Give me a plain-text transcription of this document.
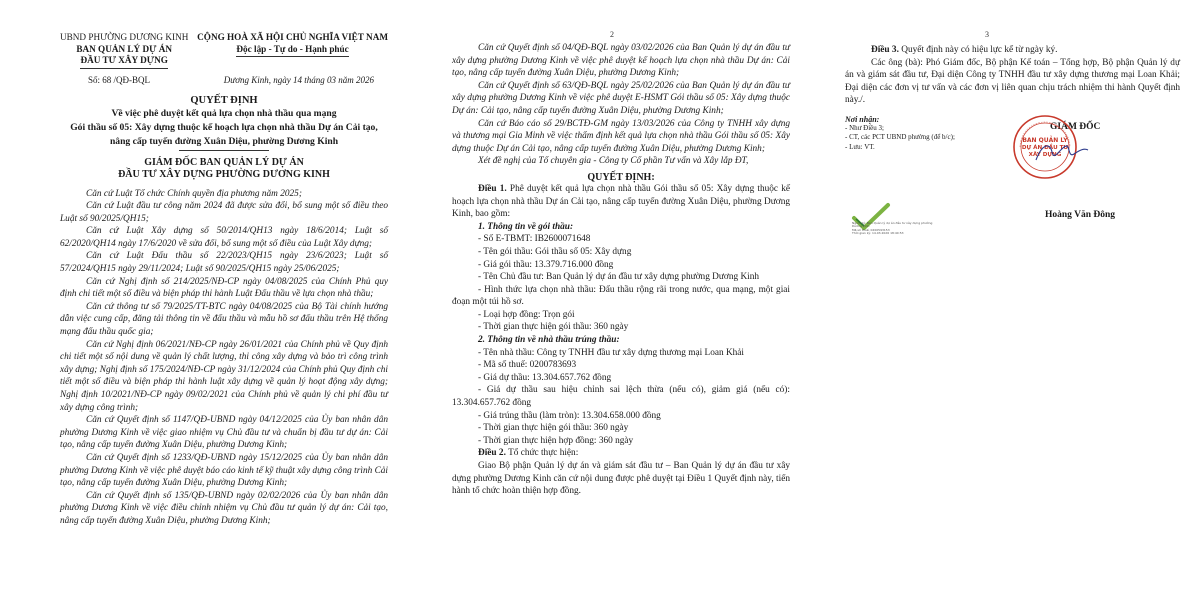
UBND PHƯỜNG DƯƠNG KINH
BAN QUẢN LÝ DỰ ÁN
ĐẦU TƯ XÂY DỰNG
CỘNG HOÀ XÃ HỘI CHỦ NGHĨA VIỆT NAM
Độc lập - Tự do - Hạnh phúc
Số: 68 /QĐ-BQL	Dương Kinh, ngày 14 tháng 03 năm 2026
QUYẾT ĐỊNH
Về việc phê duyệt kết quả lựa chọn nhà thầu qua mạng
Gói thầu số 05: Xây dựng thuộc kế hoạch lựa chọn nhà thầu Dự án Cải tạo,
nâng cấp tuyến đường Xuân Diệu, phường Dương Kinh
GIÁM ĐỐC BAN QUẢN LÝ DỰ ÁN
ĐẦU TƯ XÂY DỰNG PHƯỜNG DƯƠNG KINH

Căn cứ Luật Tổ chức Chính quyền địa phương năm 2025;

Căn cứ Luật đầu tư công năm 2024 đã được sửa đổi, bổ sung một số điều theo Luật số 90/2025/QH15;

Căn cứ Luật Xây dựng số 50/2014/QH13 ngày 18/6/2014; Luật số 62/2020/QH14 ngày 17/6/2020 về sửa đổi, bổ sung một số điều của Luật Xây dựng;

Căn cứ Luật Đấu thầu số 22/2023/QH15 ngày 23/6/2023; Luật số 57/2024/QH15 ngày 29/11/2024; Luật số 90/2025/QH15 ngày 25/06/2025;

Căn cứ Nghị định số 214/2025/NĐ-CP ngày 04/08/2025 của Chính Phủ quy định chi tiết một số điều và biện pháp thi hành Luật Đấu thầu về lựa chọn nhà thầu;

Căn cứ thông tư số 79/2025/TT-BTC ngày 04/08/2025 của Bộ Tài chính hướng dẫn việc cung cấp, đăng tải thông tin về đấu thầu và mẫu hồ sơ đấu thầu trên Hệ thống mạng đấu thầu quốc gia;

Căn cứ Nghị định 06/2021/NĐ-CP ngày 26/01/2021 của Chính phủ về Quy định chi tiết một số nội dung về quản lý chất lượng, thi công xây dựng và bảo trì công trình xây dựng; Nghị định số 175/2024/NĐ-CP ngày 31/12/2024 của Chính phủ Quy định chi tiết một số điều và biện pháp thi hành luật xây dựng về quản lý hoạt động xây dựng; Nghị định 10/2021/NĐ-CP ngày 09/02/2021 của Chính phủ về quản lý chi phí đầu tư xây dựng công trình;

Căn cứ Quyết định số 1147/QĐ-UBND ngày 04/12/2025 của Ủy ban nhân dân phường Dương Kinh về việc giao nhiệm vụ Chủ đầu tư và chuẩn bị đầu tư dự án: Cải tạo, nâng cấp tuyến đường Xuân Diệu, phường Dương Kinh;

Căn cứ Quyết định số 1233/QĐ-UBND ngày 15/12/2025 của Ủy ban nhân dân phường Dương Kinh về việc phê duyệt báo cáo kinh tế kỹ thuật xây dựng công trình Cải tạo, nâng cấp tuyến đường Xuân Diệu, phường Dương Kinh;

Căn cứ Quyết định số 135/QĐ-UBND ngày 02/02/2026 của Ủy ban nhân dân phường Dương Kinh về việc điều chỉnh nhiệm vụ Chủ đầu tư quản lý dự án: Cải tạo, nâng cấp tuyến đường Xuân Diệu, phường Dương Kinh;

2

Căn cứ Quyết định số 04/QĐ-BQL ngày 03/02/2026 của Ban Quản lý dự án đầu tư xây dựng phường Dương Kinh về việc phê duyệt kế hoạch lựa chọn nhà thầu Dự án: Cải tạo, nâng cấp tuyến đường Xuân Diệu, phường Dương Kinh;

Căn cứ Quyết định số 63/QĐ-BQL ngày 25/02/2026 của Ban Quản lý dự án đầu tư xây dựng phường Dương Kinh về việc phê duyệt E-HSMT Gói thầu số 05: Xây dựng thuộc Dự án: Cải tạo, nâng cấp tuyến đường Xuân Diệu, phường Dương Kinh;

Căn cứ Báo cáo số 29/BCTĐ-GM ngày 13/03/2026 của Công ty TNHH xây dựng và thương mại Gia Minh về việc thẩm định kết quả lựa chọn nhà thầu Gói thầu số 05: Xây dựng thuộc Dự án Cải tạo, nâng cấp tuyến đường Xuân Diệu, phường Dương Kinh;

Xét đề nghị của Tổ chuyên gia - Công ty Cổ phần Tư vấn và Xây lắp ĐT,

QUYẾT ĐỊNH:

Điều 1. Phê duyệt kết quả lựa chọn nhà thầu Gói thầu số 05: Xây dựng thuộc kế hoạch lựa chọn nhà thầu Dự án Cải tạo, nâng cấp tuyến đường Xuân Diệu, phường Dương Kinh, bao gồm:

1. Thông tin về gói thầu:

- Số E-TBMT: IB2600071648

- Tên gói thầu: Gói thầu số 05: Xây dựng

- Giá gói thầu: 13.379.716.000 đồng

- Tên Chủ đầu tư: Ban Quản lý dự án đầu tư xây dựng phường Dương Kinh

- Hình thức lựa chọn nhà thầu: Đấu thầu rộng rãi trong nước, qua mạng, một giai đoạn một túi hồ sơ.

- Loại hợp đồng: Trọn gói

- Thời gian thực hiện gói thầu: 360 ngày

2. Thông tin về nhà thầu trúng thầu:

- Tên nhà thầu: Công ty TNHH đầu tư xây dựng thương mại Loan Khải

- Mã số thuế: 0200783693

- Giá dự thầu: 13.304.657.762 đồng

- Giá dự thầu sau hiệu chỉnh sai lệch thừa (nếu có), giảm giá (nếu có): 13.304.657.762 đồng

- Giá trúng thầu (làm tròn): 13.304.658.000 đồng

- Thời gian thực hiện gói thầu: 360 ngày

- Thời gian thực hiện hợp đồng: 360 ngày

Điều 2. Tổ chức thực hiện:

Giao Bộ phận Quản lý dự án và giám sát đầu tư – Ban Quản lý dự án đầu tư xây dựng phường Dương Kinh căn cứ nội dung được phê duyệt tại Điều 1 Quyết định này, tiến hành tổ chức hoàn thiện hợp đồng.

3

Điều 3. Quyết định này có hiệu lực kể từ ngày ký.

Các ông (bà): Phó Giám đốc, Bộ phận Kế toán – Tổng hợp, Bộ phận Quản lý dự án và giám sát đầu tư, Đại diện Công ty TNHH đầu tư xây dựng thương mại Loan Khải; Đại diện các đơn vị tư vấn và các đơn vị liên quan chịu trách nhiệm thi hành Quyết định này./.

Nơi nhận:
- Như Điều 3;
- CT, các PCT UBND phường (để b/c);
- Lưu: VT.
GIÁM ĐỐC
BAN QUẢN LÝ
DỰ ÁN ĐẦU TƯ
XÂY DỰNG
Hoàng Văn Đông
Người ký: Ban Quản lý dự án đầu tư xây dựng phường
Dương Kinh
Mã số thuế: 0200593153
Thời gian ký: 14.03.2026 18:40:53
